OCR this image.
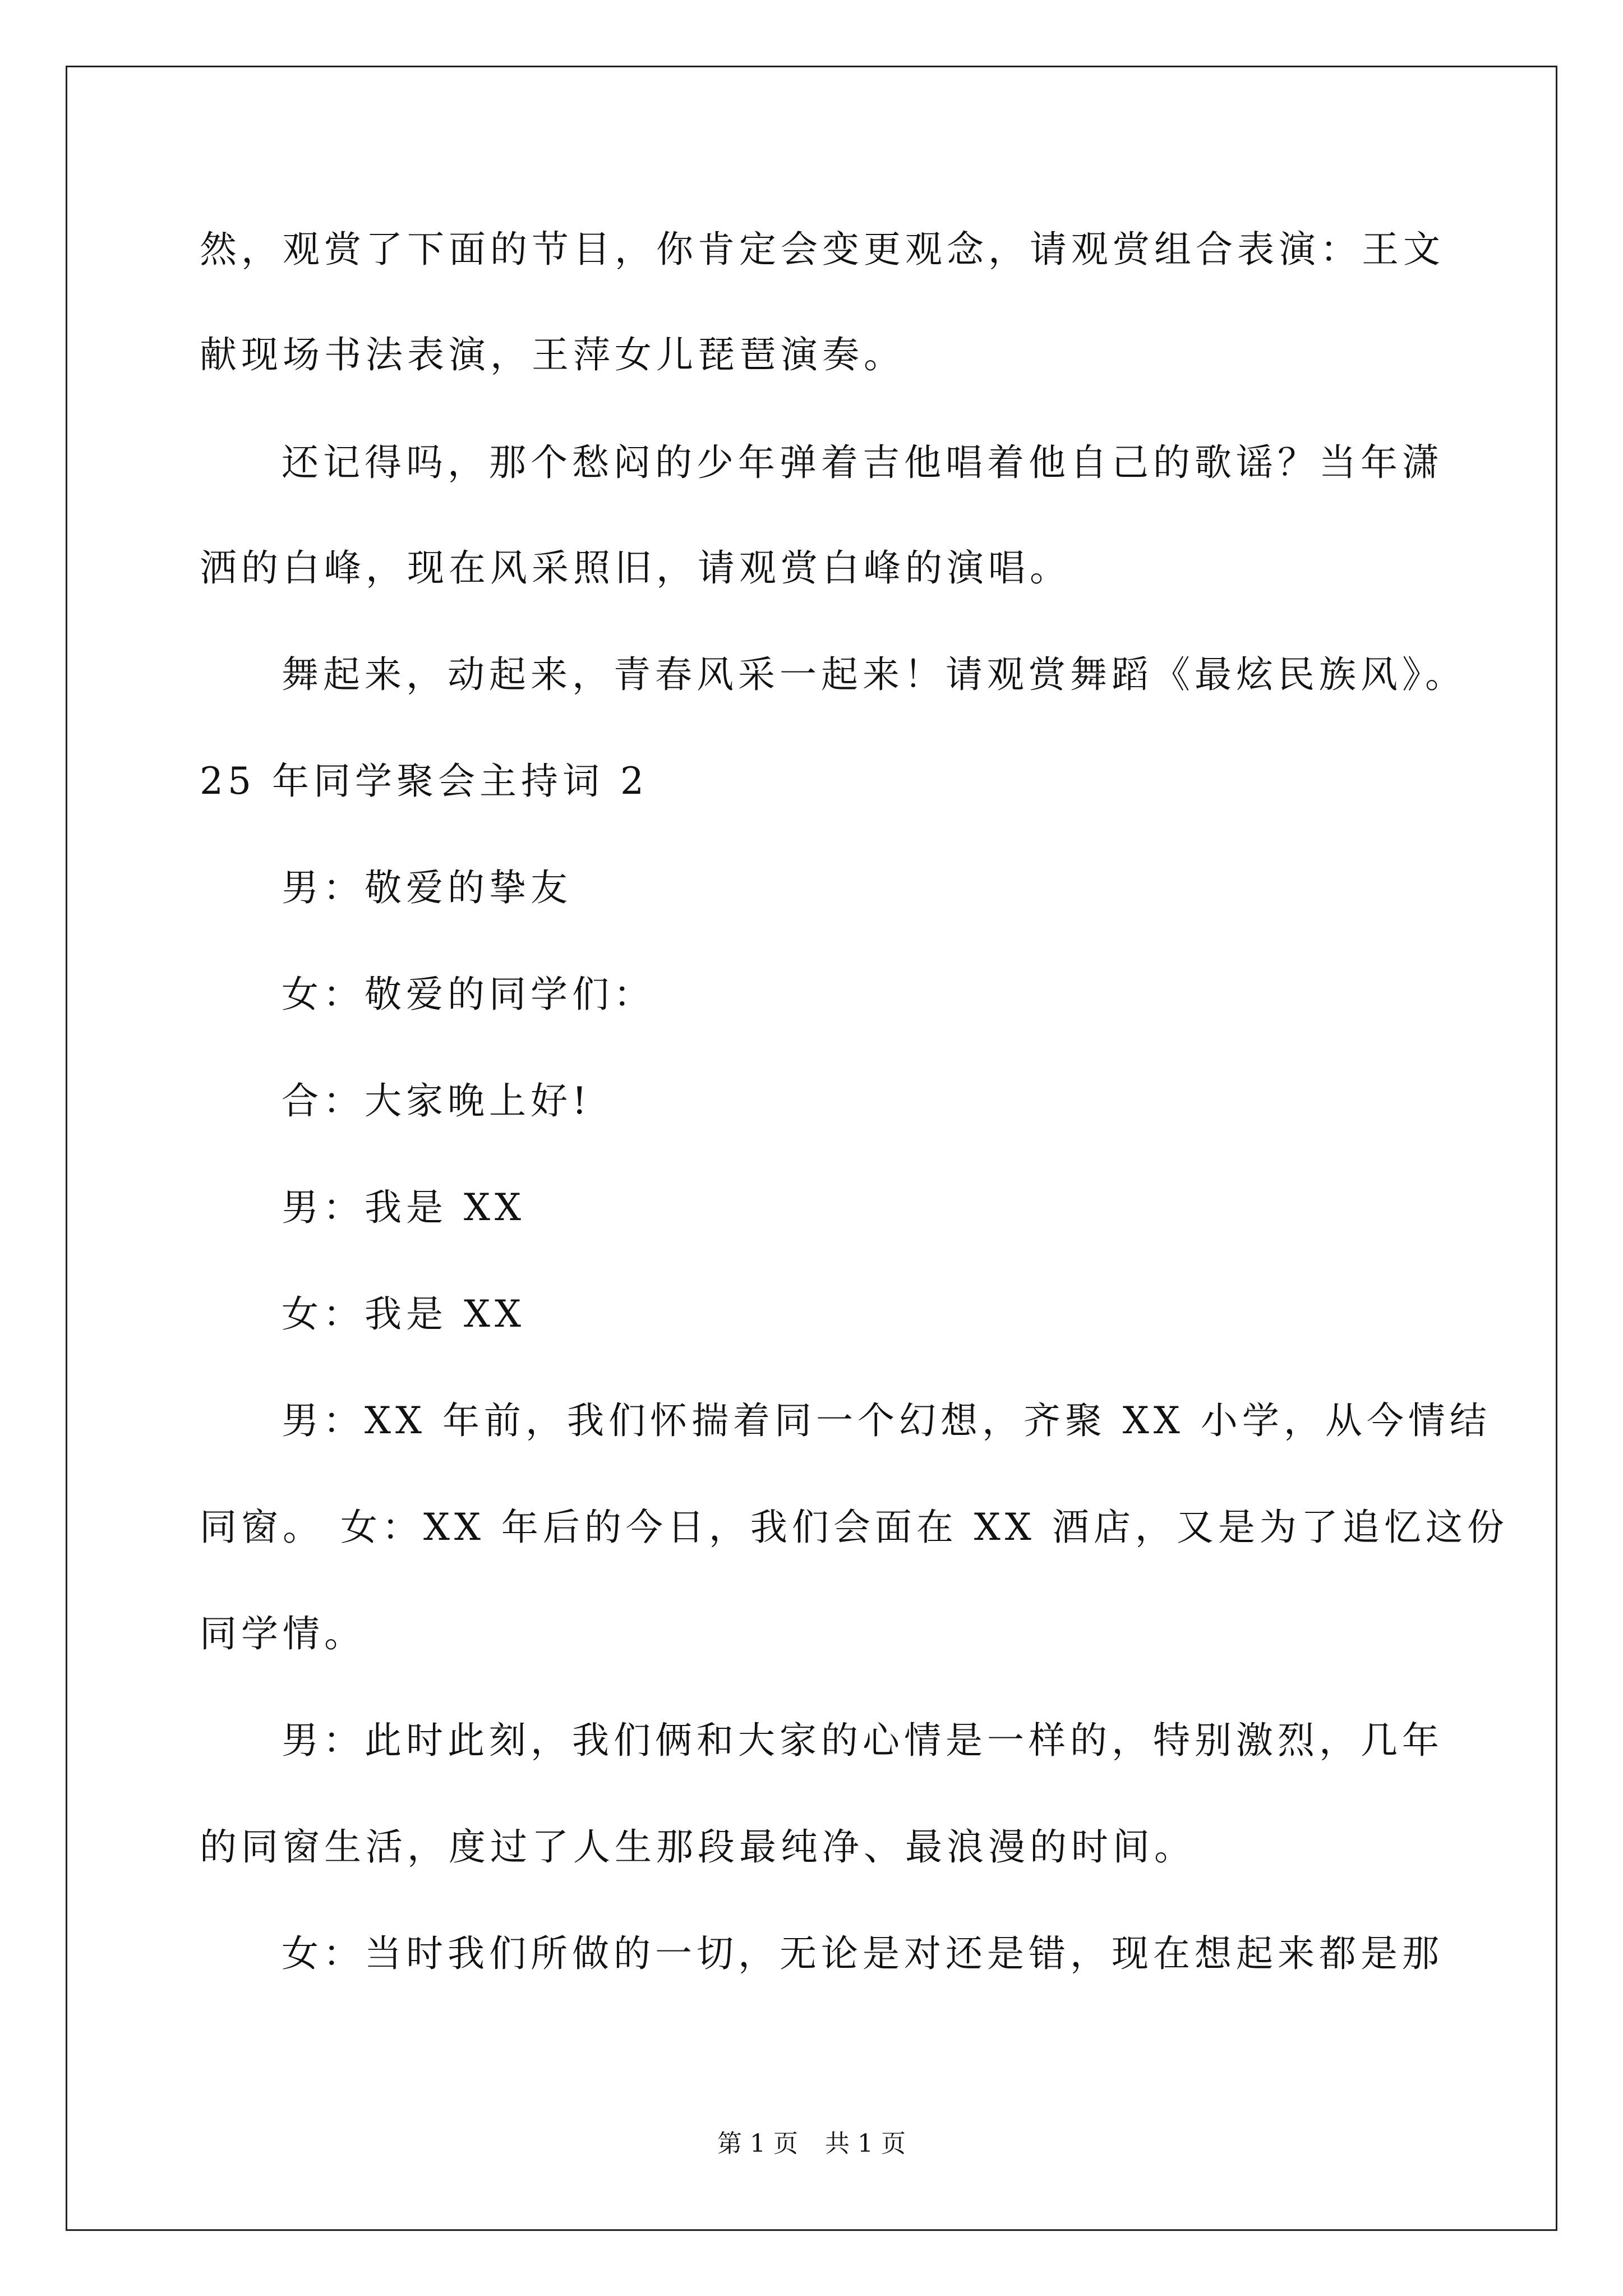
然，观赏了下面的节目，你肯定会变更观念，请观赏组合表演：王文
献现场书法表演，王萍女儿琵琶演奏。
还记得吗，那个愁闷的少年弹着吉他唱着他自己的歌谣？当年潇
洒的白峰，现在风采照旧，请观赏白峰的演唱。
舞起来，动起来，青春风采一起来！请观赏舞蹈《最炫民族风》。
25 年同学聚会主持词 2
男：敬爱的挚友
女：敬爱的同学们：
合：大家晚上好!
男：我是 XX
女：我是 XX
男：XX 年前，我们怀揣着同一个幻想，齐聚 XX 小学，从今情结
同窗。 女：XX 年后的今日，我们会面在 XX 酒店，又是为了追忆这份
同学情。
男：此时此刻，我们俩和大家的心情是一样的，特别激烈，几年
的同窗生活，度过了人生那段最纯净、最浪漫的时间。
女：当时我们所做的一切，无论是对还是错，现在想起来都是那
第 1 页 共 1 页
